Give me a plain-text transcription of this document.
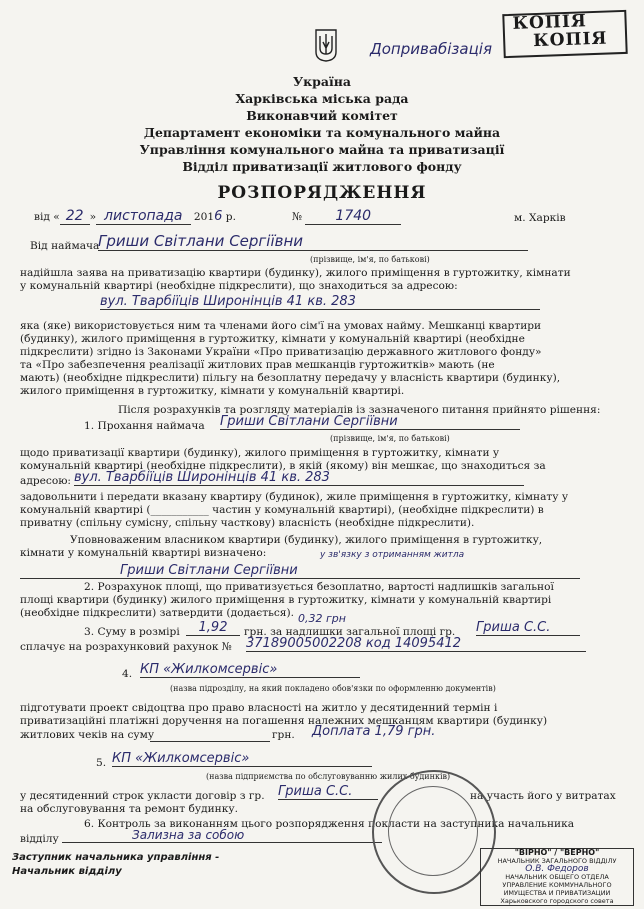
КОПІЯ
КОПІЯ
Допривабізація
Україна
Харківська міська рада
Виконавчий комітет
Департамент економіки та комунального майна
Управління комунального майна та приватизації
Відділ приватизації житлового фонду
РОЗПОРЯДЖЕННЯ
від « 22 » листопада 2016 р.	№ 1740	м. Харків
Від наймача
Гриши Світлани Сергіївни
(прізвище, ім'я, по батькові)
надійшла заява на приватизацію квартири (будинку), жилого приміщення в гуртожитку, кімнати
у комунальній квартирі (необхідне підкреслити), що знаходиться за адресою:
вул. Тварбіїців Широнінців 41 кв. 283
яка (яке) використовується ним та членами його сім'ї на умовах найму. Мешканці квартири
(будинку), жилого приміщення в гуртожитку, кімнати у комунальній квартирі (необхідне
підкреслити) згідно із Законами України «Про приватизацію державного житлового фонду»
та «Про забезпечення реалізації житлових прав мешканців гуртожитків» мають (не
мають) (необхідне підкреслити) пільгу на безоплатну передачу у власність квартири (будинку),
жилого приміщення в гуртожитку, кімнати у комунальній квартирі.
Після розрахунків та розгляду матеріалів із зазначеного питання прийнято рішення:
1. Прохання наймача Гриши Світлани Сергіївни
(прізвище, ім'я, по батькові)
щодо приватизації квартири (будинку), жилого приміщення в гуртожитку, кімнати у
комунальній квартирі (необхідне підкреслити), в якій (якому) він мешкає, що знаходиться за
адресою: вул. Тварбіїців Широнінців 41 кв. 283
задовольнити і передати вказану квартиру (будинок), жиле приміщення в гуртожитку, кімнату у
комунальній квартирі (___________ частин у комунальній квартирі), (необхідне підкреслити) в
приватну (спільну сумісну, спільну часткову) власність (необхідне підкреслити).
Уповноваженим власником квартири (будинку), жилого приміщення в гуртожитку,
кімнати у комунальній квартирі визначено:	у зв'язку з отриманням житла
Гриши Світлани Сергіївни
2. Розрахунок площі, що приватизується безоплатно, вартості надлишків загальної
площі квартири (будинку) жилого приміщення в гуртожитку, кімнати у комунальній квартирі
(необхідне підкреслити) затвердити (додається). 0,32 грн
3. Суму в розмірі	1,92	грн. за надлишки загальної площі гр. Гриша С.С.
сплачує на розрахунковий рахунок № 37189005002208 код 14095412
4. КП «Жилкомсервіс»
(назва підрозділу, на який покладено обов'язки по оформленню документів)
підготувати проект свідоцтва про право власності на житло у десятиденний термін і
приватизаційні платіжні доручення на погашення належних мешканцям квартири (будинку)
житлових чеків на суму	грн. Доплата 1,79 грн.
5. КП «Жилкомсервіс»
(назва підприємства по обслуговуванню жилих будинків)
у десятиденний строк укласти договір з гр. Гриша С.С.	на участь його у витратах
на обслуговування та ремонт будинку.
6. Контроль за виконанням цього розпорядження покласти на заступника начальника
відділу	Зализна за собою
Заступник начальника управління -
Начальник відділу
"ВІРНО" / "ВЕРНО"
НАЧАЛЬНИК ЗАГАЛЬНОГО ВІДДІЛУ
О.В. Федоров
НАЧАЛЬНИК ОБЩЕГО ОТДЕЛА
УПРАВЛЕНИЕ КОММУНАЛЬНОГО ИМУЩЕСТВА И ПРИВАТИЗАЦИИ
Харьковского городского совета
